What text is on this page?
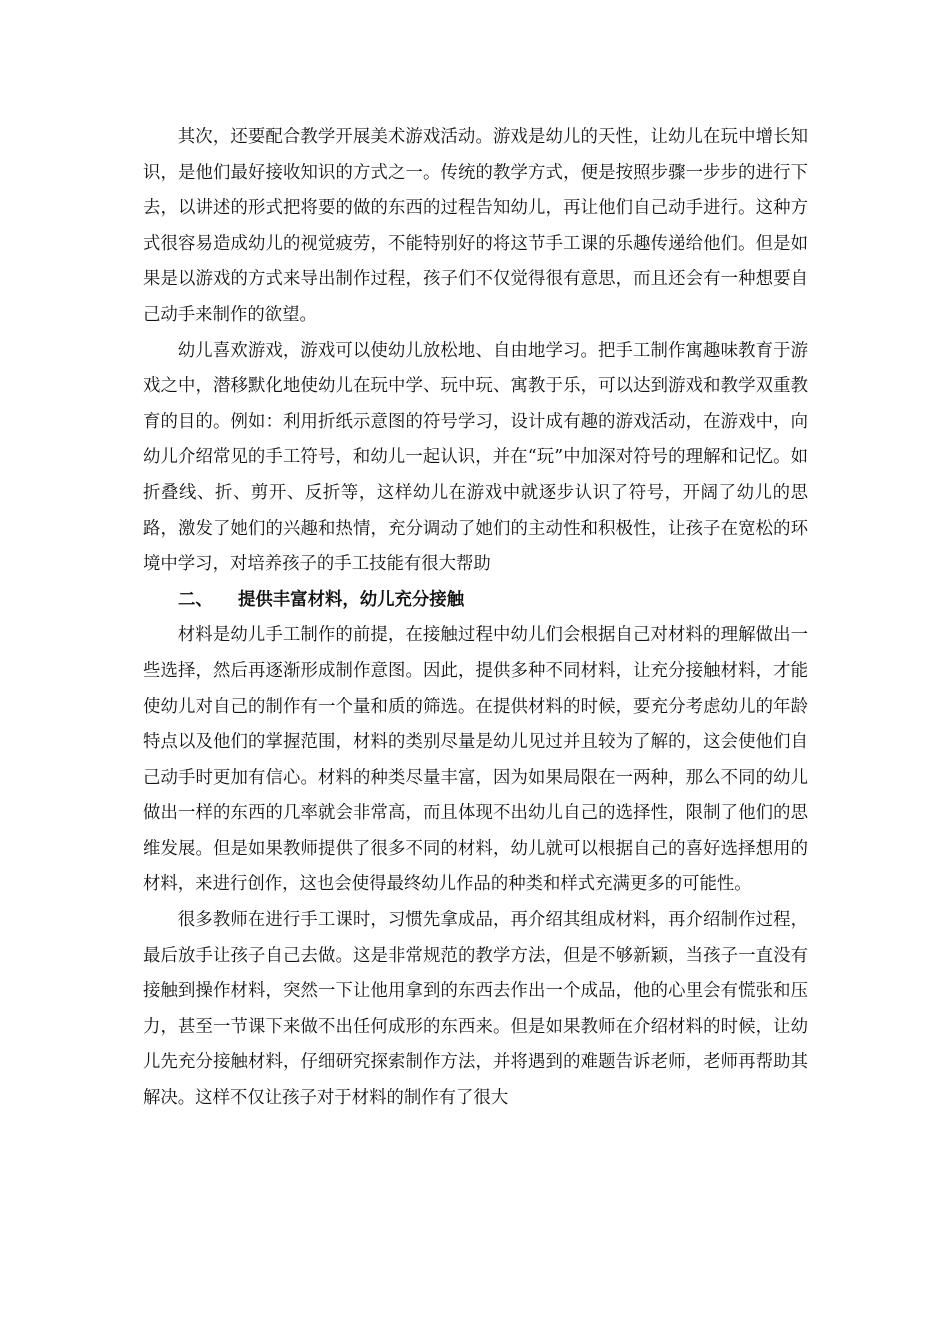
其次，还要配合教学开展美术游戏活动。游戏是幼儿的天性，让幼儿在玩中增长知识，是他们最好接收知识的方式之一。传统的教学方式，便是按照步骤一步步的进行下去，以讲述的形式把将要的做的东西的过程告知幼儿，再让他们自己动手进行。这种方式很容易造成幼儿的视觉疲劳，不能特别好的将这节手工课的乐趣传递给他们。但是如果是以游戏的方式来导出制作过程，孩子们不仅觉得很有意思，而且还会有一种想要自己动手来制作的欲望。

幼儿喜欢游戏，游戏可以使幼儿放松地、自由地学习。把手工制作寓趣味教育于游戏之中，潜移默化地使幼儿在玩中学、玩中玩、寓教于乐，可以达到游戏和教学双重教育的目的。例如：利用折纸示意图的符号学习，设计成有趣的游戏活动，在游戏中，向幼儿介绍常见的手工符号，和幼儿一起认识，并在“玩”中加深对符号的理解和记忆。如折叠线、折、剪开、反折等，这样幼儿在游戏中就逐步认识了符号，开阔了幼儿的思路，激发了她们的兴趣和热情，充分调动了她们的主动性和积极性，让孩子在宽松的环境中学习，对培养孩子的手工技能有很大帮助

二、 提供丰富材料，幼儿充分接触

材料是幼儿手工制作的前提，在接触过程中幼儿们会根据自己对材料的理解做出一些选择，然后再逐渐形成制作意图。因此，提供多种不同材料，让充分接触材料，才能使幼儿对自己的制作有一个量和质的筛选。在提供材料的时候，要充分考虑幼儿的年龄特点以及他们的掌握范围，材料的类别尽量是幼儿见过并且较为了解的，这会使他们自己动手时更加有信心。材料的种类尽量丰富，因为如果局限在一两种，那么不同的幼儿做出一样的东西的几率就会非常高，而且体现不出幼儿自己的选择性，限制了他们的思维发展。但是如果教师提供了很多不同的材料，幼儿就可以根据自己的喜好选择想用的材料，来进行创作，这也会使得最终幼儿作品的种类和样式充满更多的可能性。

很多教师在进行手工课时，习惯先拿成品，再介绍其组成材料，再介绍制作过程，最后放手让孩子自己去做。这是非常规范的教学方法，但是不够新颖，当孩子一直没有接触到操作材料，突然一下让他用拿到的东西去作出一个成品，他的心里会有慌张和压力，甚至一节课下来做不出任何成形的东西来。但是如果教师在介绍材料的时候，让幼儿先充分接触材料，仔细研究探索制作方法，并将遇到的难题告诉老师，老师再帮助其解决。这样不仅让孩子对于材料的制作有了很大
